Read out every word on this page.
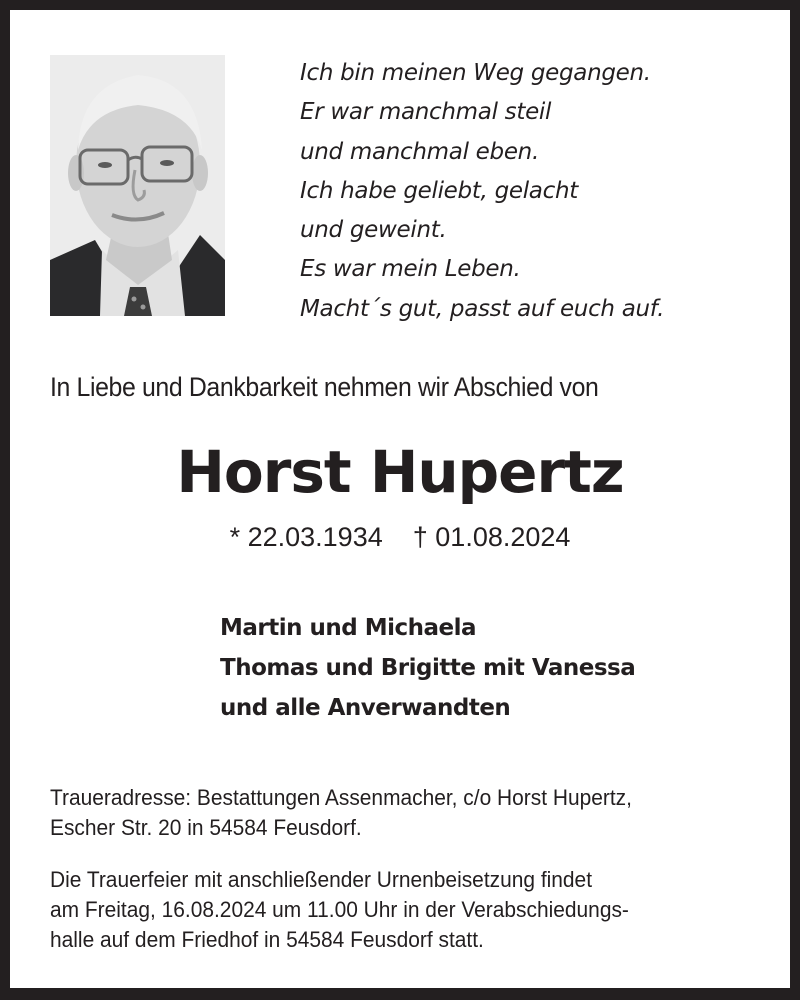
Ich bin meinen Weg gegangen.
Er war manchmal steil
und manchmal eben.
Ich habe geliebt, gelacht
und geweint.
Es war mein Leben.
Macht´s gut, passt auf euch auf.
In Liebe und Dankbarkeit nehmen wir Abschied von
Horst Hupertz
* 22.03.1934 † 01.08.2024
Martin und Michaela
Thomas und Brigitte mit Vanessa
und alle Anverwandten
Traueradresse: Bestattungen Assenmacher, c/o Horst Hupertz,
Escher Str. 20 in 54584 Feusdorf.
Die Trauerfeier mit anschließender Urnenbeisetzung findet
am Freitag, 16.08.2024 um 11.00 Uhr in der Verabschiedungs-
halle auf dem Friedhof in 54584 Feusdorf statt.
